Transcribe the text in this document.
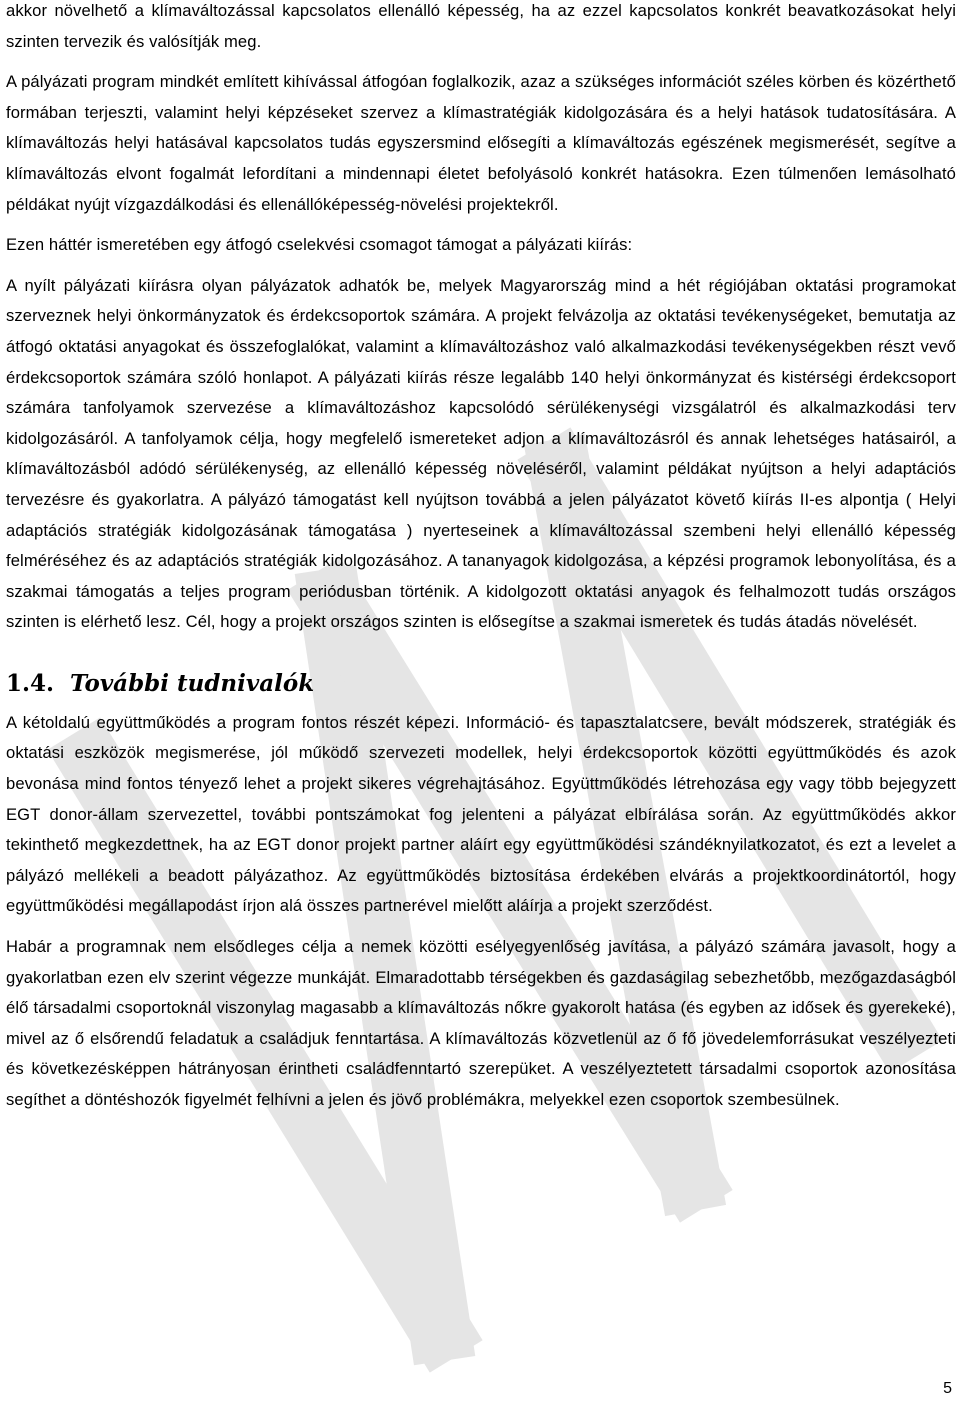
akkor növelhető a klímaváltozással kapcsolatos ellenálló képesség, ha az ezzel kapcsolatos konkrét beavatkozásokat helyi szinten tervezik és valósítják meg.

A pályázati program mindkét említett kihívással átfogóan foglalkozik, azaz a szükséges információt széles körben és közérthető formában terjeszti, valamint helyi képzéseket szervez a klímastratégiák kidolgozására és a helyi hatások tudatosítására. A klímaváltozás helyi hatásával kapcsolatos tudás egyszersmind elősegíti a klímaváltozás egészének megismerését, segítve a klímaváltozás elvont fogalmát lefordítani a mindennapi életet befolyásoló konkrét hatásokra. Ezen túlmenően lemásolható példákat nyújt vízgazdálkodási és ellenállóképesség-növelési projektekről.

Ezen háttér ismeretében egy átfogó cselekvési csomagot támogat a pályázati kiírás:

A nyílt pályázati kiírásra olyan pályázatok adhatók be, melyek Magyarország mind a hét régiójában oktatási programokat szerveznek helyi önkormányzatok és érdekcsoportok számára. A projekt felvázolja az oktatási tevékenységeket, bemutatja az átfogó oktatási anyagokat és összefoglalókat, valamint a klímaváltozáshoz való alkalmazkodási tevékenységekben részt vevő érdekcsoportok számára szóló honlapot. A pályázati kiírás része legalább 140 helyi önkormányzat és kistérségi érdekcsoport számára tanfolyamok szervezése a klímaváltozáshoz kapcsolódó sérülékenységi vizsgálatról és alkalmazkodási terv kidolgozásáról. A tanfolyamok célja, hogy megfelelő ismereteket adjon a klímaváltozásról és annak lehetséges hatásairól, a klímaváltozásból adódó sérülékenység, az ellenálló képesség növeléséről, valamint példákat nyújtson a helyi adaptációs tervezésre és gyakorlatra. A pályázó támogatást kell nyújtson továbbá a jelen pályázatot követő kiírás II-es alpontja ( Helyi adaptációs stratégiák kidolgozásának támogatása ) nyerteseinek a klímaváltozással szembeni helyi ellenálló képesség felméréséhez és az adaptációs stratégiák kidolgozásához. A tananyagok kidolgozása, a képzési programok lebonyolítása, és a szakmai támogatás a teljes program periódusban történik. A kidolgozott oktatási anyagok és felhalmozott tudás országos szinten is elérhető lesz. Cél, hogy a projekt országos szinten is elősegítse a szakmai ismeretek és tudás átadás növelését.

1.4. További tudnivalók

A kétoldalú együttműködés a program fontos részét képezi. Információ- és tapasztalatcsere, bevált módszerek, stratégiák és oktatási eszközök megismerése, jól működő szervezeti modellek, helyi érdekcsoportok közötti együttműködés és azok bevonása mind fontos tényező lehet a projekt sikeres végrehajtásához. Együttműködés létrehozása egy vagy több bejegyzett EGT donor-állam szervezettel, további pontszámokat fog jelenteni a pályázat elbírálása során. Az együttműködés akkor tekinthető megkezdettnek, ha az EGT donor projekt partner aláírt egy együttműködési szándéknyilatkozatot, és ezt a levelet a pályázó mellékeli a beadott pályázathoz. Az együttműködés biztosítása érdekében elvárás a projektkoordinátortól, hogy együttműködési megállapodást írjon alá összes partnerével mielőtt aláírja a projekt szerződést.

Habár a programnak nem elsődleges célja a nemek közötti esélyegyenlőség javítása, a pályázó számára javasolt, hogy a gyakorlatban ezen elv szerint végezze munkáját. Elmaradottabb térségekben és gazdaságilag sebezhetőbb, mezőgazdaságból élő társadalmi csoportoknál viszonylag magasabb a klímaváltozás nőkre gyakorolt hatása (és egyben az idősek és gyerekeké), mivel az ő elsőrendű feladatuk a családjuk fenntartása. A klímaváltozás közvetlenül az ő fő jövedelemforrásukat veszélyezteti és következésképpen hátrányosan érintheti családfenntartó szerepüket. A veszélyeztetett társadalmi csoportok azonosítása segíthet a döntéshozók figyelmét felhívni a jelen és jövő problémákra, melyekkel ezen csoportok szembesülnek.

5
